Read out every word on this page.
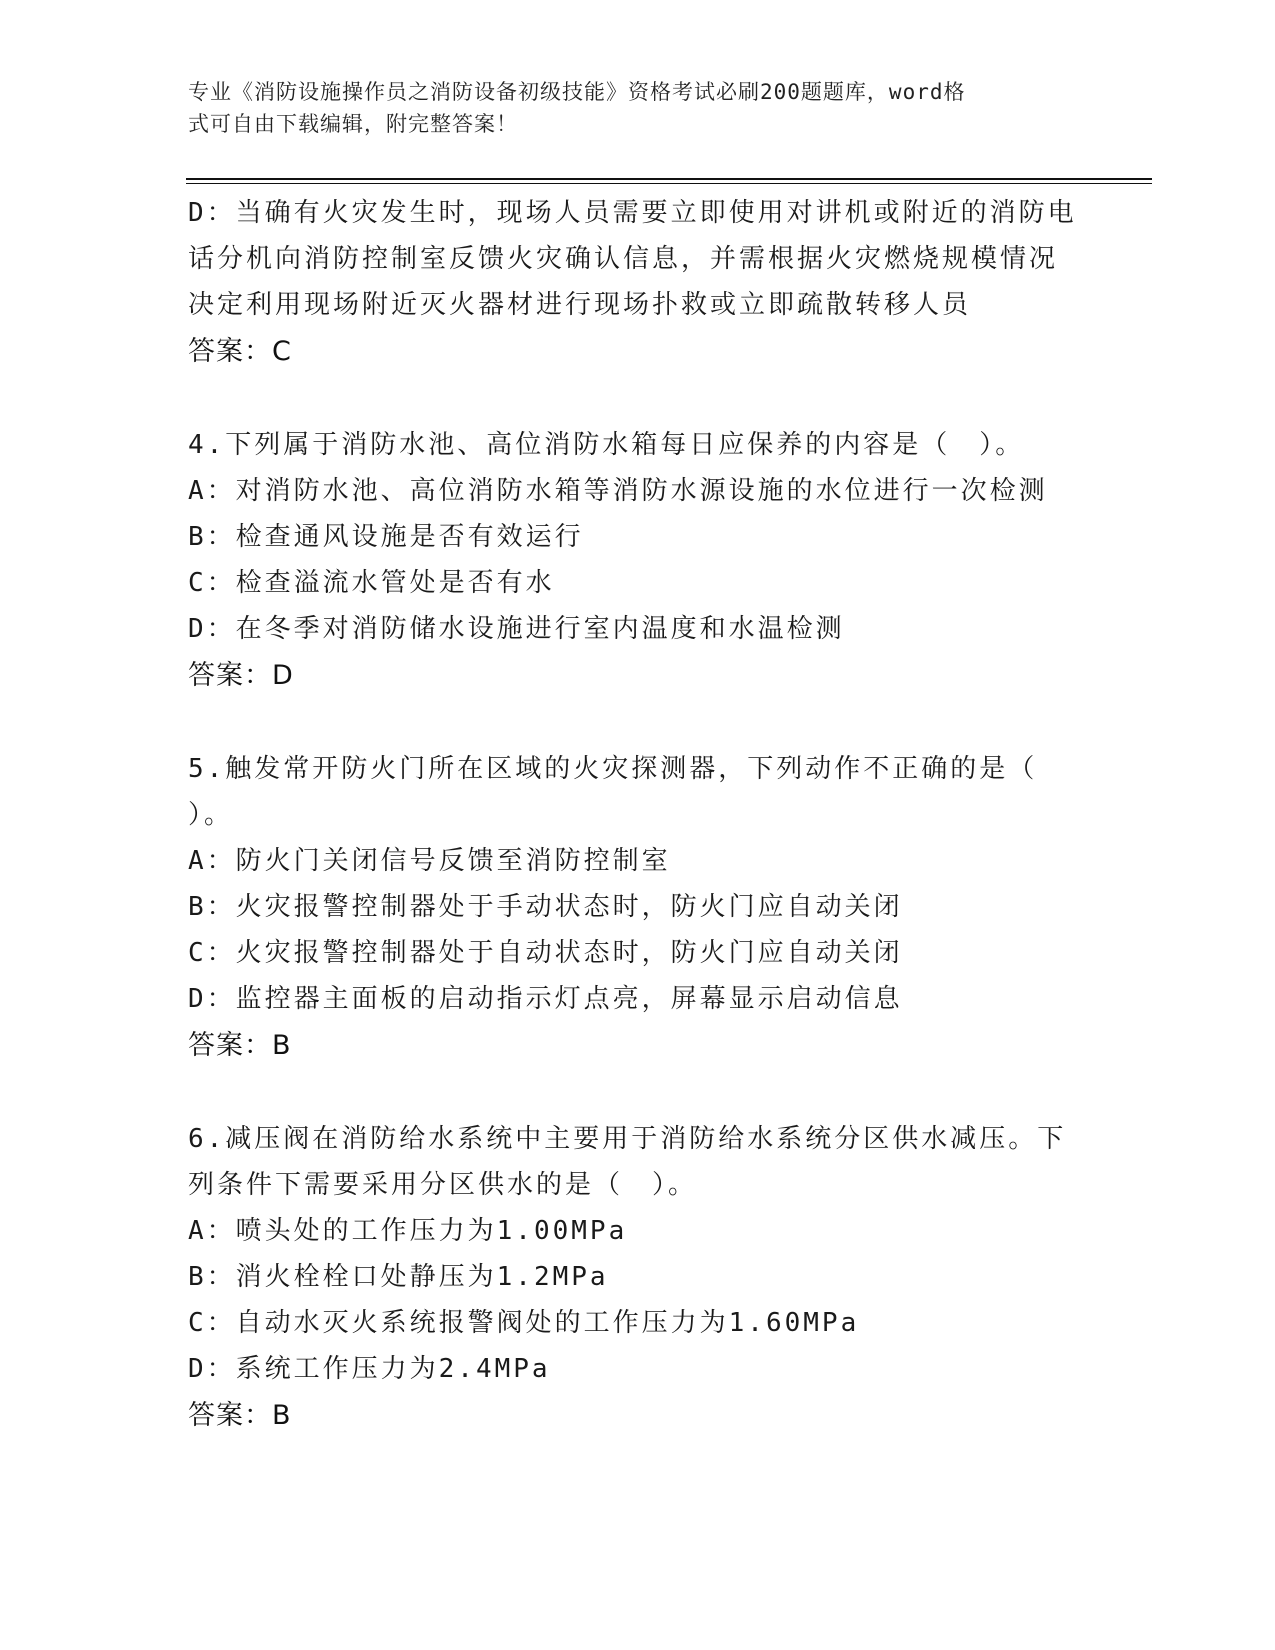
专业《消防设施操作员之消防设备初级技能》资格考试必刷200题题库，word格
式可自由下载编辑，附完整答案！
D：当确有火灾发生时，现场人员需要立即使用对讲机或附近的消防电
话分机向消防控制室反馈火灾确认信息，并需根据火灾燃烧规模情况
决定利用现场附近灭火器材进行现场扑救或立即疏散转移人员
答案：C
4.下列属于消防水池、高位消防水箱每日应保养的内容是（　）。
A：对消防水池、高位消防水箱等消防水源设施的水位进行一次检测
B：检查通风设施是否有效运行
C：检查溢流水管处是否有水
D：在冬季对消防储水设施进行室内温度和水温检测
答案：D
5.触发常开防火门所在区域的火灾探测器，下列动作不正确的是（
）。
A：防火门关闭信号反馈至消防控制室
B：火灾报警控制器处于手动状态时，防火门应自动关闭
C：火灾报警控制器处于自动状态时，防火门应自动关闭
D：监控器主面板的启动指示灯点亮，屏幕显示启动信息
答案：B
6.减压阀在消防给水系统中主要用于消防给水系统分区供水减压。下
列条件下需要采用分区供水的是（　）。
A：喷头处的工作压力为1.00MPa
B：消火栓栓口处静压为1.2MPa
C：自动水灭火系统报警阀处的工作压力为1.60MPa
D：系统工作压力为2.4MPa
答案：B
